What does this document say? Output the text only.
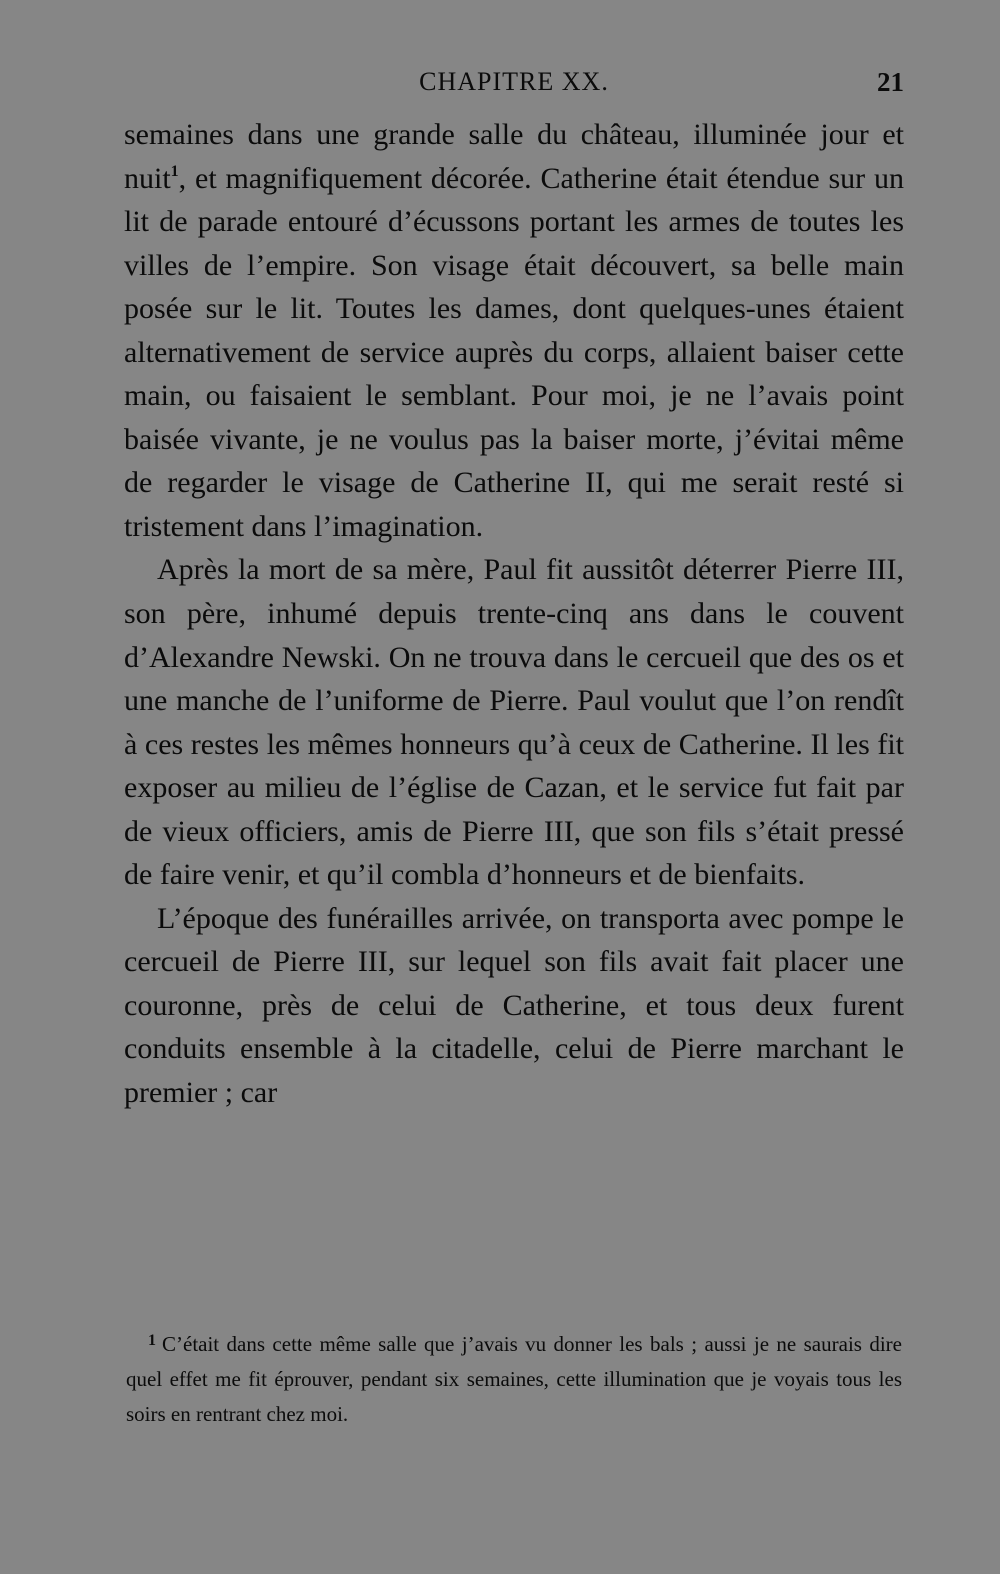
CHAPITRE XX.	21

semaines dans une grande salle du château, illuminée jour et nuit$^1$, et magnifiquement décorée. Catherine était étendue sur un lit de parade entouré d’écussons portant les armes de toutes les villes de l’empire. Son visage était découvert, sa belle main posée sur le lit. Toutes les dames, dont quelques-unes étaient alternativement de service auprès du corps, allaient baiser cette main, ou faisaient le semblant. Pour moi, je ne l’avais point baisée vivante, je ne voulus pas la baiser morte, j’évitai même de regarder le visage de Catherine II, qui me serait resté si tristement dans l’imagination.

Après la mort de sa mère, Paul fit aussitôt déterrer Pierre III, son père, inhumé depuis trente-cinq ans dans le couvent d’Alexandre Newski. On ne trouva dans le cercueil que des os et une manche de l’uniforme de Pierre. Paul voulut que l’on rendît à ces restes les mêmes honneurs qu’à ceux de Catherine. Il les fit exposer au milieu de l’église de Cazan, et le service fut fait par de vieux officiers, amis de Pierre III, que son fils s’était pressé de faire venir, et qu’il combla d’honneurs et de bienfaits.

L’époque des funérailles arrivée, on transporta avec pompe le cercueil de Pierre III, sur lequel son fils avait fait placer une couronne, près de celui de Catherine, et tous deux furent conduits ensemble à la citadelle, celui de Pierre marchant le premier ; car

$^1$ C’était dans cette même salle que j’avais vu donner les bals ; aussi je ne saurais dire quel effet me fit éprouver, pendant six semaines, cette illumination que je voyais tous les soirs en rentrant chez moi.
